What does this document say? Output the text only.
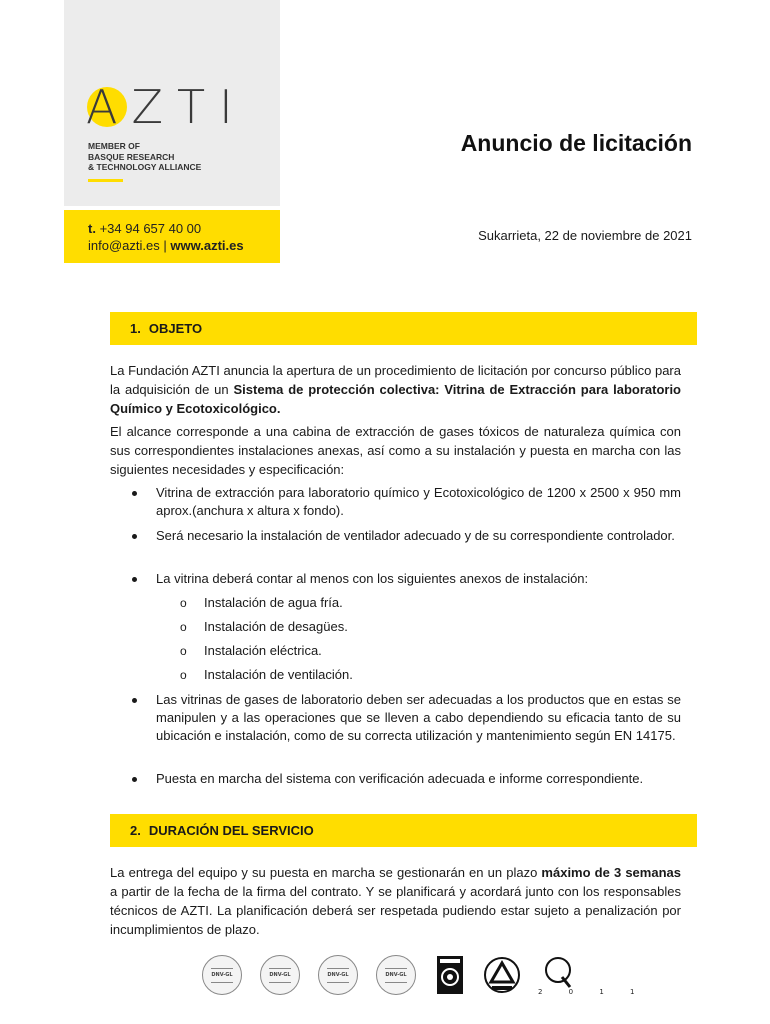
AZTI
MEMBER OF
BASQUE RESEARCH
& TECHNOLOGY ALLIANCE
t. +34 94 657 40 00
info@azti.es | www.azti.es
Anuncio de licitación
Sukarrieta, 22 de noviembre de 2021
1. OBJETO
La Fundación AZTI anuncia la apertura de un procedimiento de licitación por concurso público para la adquisición de un Sistema de protección colectiva: Vitrina de Extracción para laboratorio Químico y Ecotoxicológico.
El alcance corresponde a una cabina de extracción de gases tóxicos de naturaleza química con sus correspondientes instalaciones anexas, así como a su instalación y puesta en marcha con las siguientes necesidades y especificación:
Vitrina de extracción para laboratorio químico y Ecotoxicológico de 1200 x 2500 x 950 mm aprox.(anchura x altura x fondo).
Será necesario la instalación de ventilador adecuado y de su correspondiente controlador.
La vitrina deberá contar al menos con los siguientes anexos de instalación:
o Instalación de agua fría.
o Instalación de desagües.
o Instalación eléctrica.
o Instalación de ventilación.
Las vitrinas de gases de laboratorio deben ser adecuadas a los productos que en estas se manipulen y a las operaciones que se lleven a cabo dependiendo su eficacia tanto de su ubicación e instalación, como de su correcta utilización y mantenimiento según EN 14175.
Puesta en marcha del sistema con verificación adecuada e informe correspondiente.
2. DURACIÓN DEL SERVICIO
La entrega del equipo y su puesta en marcha se gestionarán en un plazo máximo de 3 semanas a partir de la fecha de la firma del contrato. Y se planificará y acordará junto con los responsables técnicos de AZTI. La planificación deberá ser respetada pudiendo estar sujeto a penalización por incumplimientos de plazo.
DNV-GL	DNV-GL	DNV-GL	DNV-GL
2 0 1 1
